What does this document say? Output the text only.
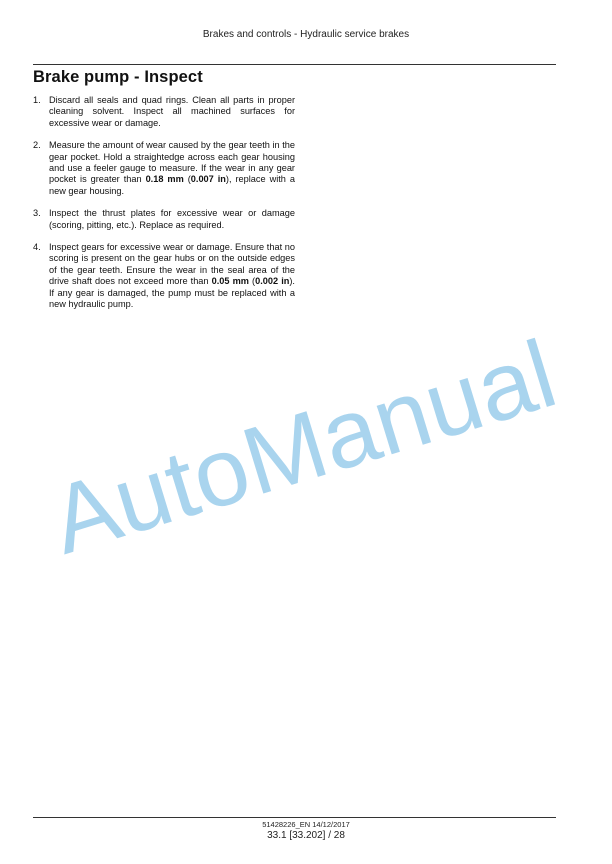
Brakes and controls - Hydraulic service brakes
Brake pump - Inspect
1. Discard all seals and quad rings. Clean all parts in proper cleaning solvent. Inspect all machined surfaces for excessive wear or damage.
2. Measure the amount of wear caused by the gear teeth in the gear pocket. Hold a straightedge across each gear housing and use a feeler gauge to measure. If the wear in any gear pocket is greater than 0.18 mm (0.007 in), replace with a new gear housing.
3. Inspect the thrust plates for excessive wear or damage (scoring, pitting, etc.). Replace as required.
4. Inspect gears for excessive wear or damage. Ensure that no scoring is present on the gear hubs or on the outside edges of the gear teeth. Ensure the wear in the seal area of the drive shaft does not exceed more than 0.05 mm (0.002 in). If any gear is damaged, the pump must be replaced with a new hydraulic pump.
AutoManual
51428226_EN 14/12/2017
33.1 [33.202] / 28
